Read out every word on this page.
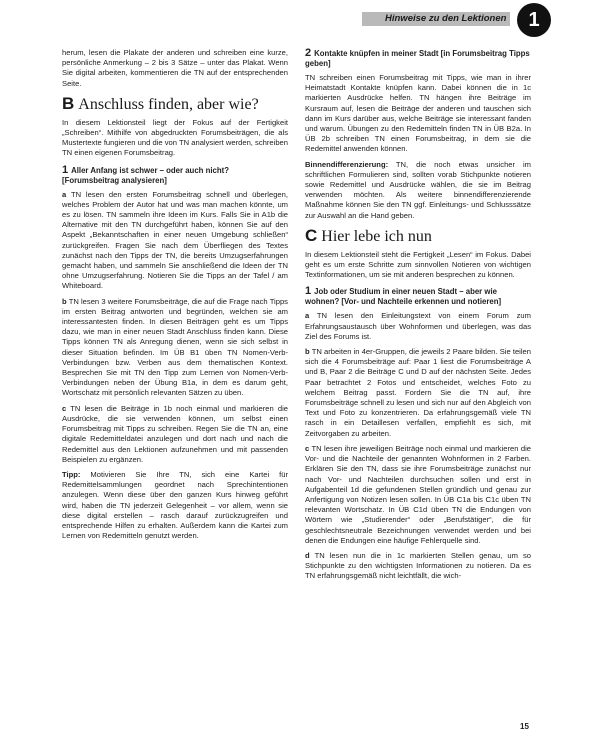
Hinweise zu den Lektionen	1

herum, lesen die Plakate der anderen und schreiben eine kurze, persönliche Anmerkung – 2 bis 3 Sätze – unter das Plakat. Wenn Sie digital arbeiten, kommentieren die TN auf der entsprechenden Seite.

B Anschluss finden, aber wie?

In diesem Lektionsteil liegt der Fokus auf der Fertigkeit „Schreiben“. Mithilfe von abgedruckten Forumsbeiträgen, die als Mustertexte fungieren und die von TN analysiert werden, schreiben TN einen eigenen Forumsbeitrag.

1 Aller Anfang ist schwer – oder auch nicht? [Forumsbeitrag analysieren]

a TN lesen den ersten Forumsbeitrag schnell und überlegen, welches Problem der Autor hat und was man machen könnte, um es zu lösen. TN sammeln ihre Ideen im Kurs. Falls Sie in A1b die Alternative mit den TN durchgeführt haben, können Sie auf den Aspekt „Bekanntschaften in einer neuen Umgebung schließen“ zurückgreifen. Fragen Sie nach dem Überfliegen des Textes zunächst nach den Tipps der TN, die bereits Umzugserfahrungen gemacht haben, und sammeln Sie anschließend die Ideen der TN ohne Umzugserfahrung. Notieren Sie die Tipps an der Tafel / am Whiteboard.

b TN lesen 3 weitere Forumsbeiträge, die auf die Frage nach Tipps im ersten Beitrag antworten und begründen, welchen sie am interessantesten finden. In diesen Beiträgen geht es um Tipps dazu, wie man in einer neuen Stadt Anschluss finden kann. Diese Tipps können TN als Anregung dienen, wenn sie sich selbst in dieser Situation befinden. Im ÜB B1 üben TN Nomen-Verb-Verbindungen bzw. Verben aus dem thematischen Kontext. Besprechen Sie mit TN den Tipp zum Lernen von Nomen-Verb-Verbindungen neben der Übung B1a, in dem es darum geht, Wortschatz mit persönlich relevanten Sätzen zu üben.

c TN lesen die Beiträge in 1b noch einmal und markieren die Ausdrücke, die sie verwenden können, um selbst einen Forumsbeitrag mit Tipps zu schreiben. Regen Sie die TN an, eine digitale Redemitteldatei anzulegen und dort nach und nach die Redemittel aus den Lektionen aufzunehmen und mit passenden Beispielen zu ergänzen.

Tipp: Motivieren Sie Ihre TN, sich eine Kartei für Redemittelsammlungen geordnet nach Sprechintentionen anzulegen. Wenn diese über den ganzen Kurs hinweg geführt wird, haben die TN jederzeit Gelegenheit – vor allem, wenn sie diese digital erstellen – rasch darauf zurückzugreifen und entsprechende Hilfen zu erhalten. Außerdem kann die Kartei zum Lernen von Redemitteln genutzt werden.

2 Kontakte knüpfen in meiner Stadt [in Forumsbeitrag Tipps geben]

TN schreiben einen Forumsbeitrag mit Tipps, wie man in ihrer Heimatstadt Kontakte knüpfen kann. Dabei können die in 1c markierten Ausdrücke helfen. TN hängen ihre Beiträge im Kursraum auf, lesen die Beiträge der anderen und tauschen sich dann im Kurs darüber aus, welche Beiträge sie interessant fanden und warum. Übungen zu den Redemitteln finden TN in ÜB B2a. In ÜB 2b schreiben TN einen Forumsbeitrag, in dem sie die Redemittel anwenden können.

Binnendifferenzierung: TN, die noch etwas unsicher im schriftlichen Formulieren sind, sollten vorab Stichpunkte notieren sowie Redemittel und Ausdrücke wählen, die sie im Beitrag verwenden möchten. Als weitere binnendifferenzierende Maßnahme können Sie den TN ggf. Einleitungs- und Schlusssätze zur Auswahl an die Hand geben.

C Hier lebe ich nun

In diesem Lektionsteil steht die Fertigkeit „Lesen“ im Fokus. Dabei geht es um erste Schritte zum sinnvollen Notieren von wichtigen Textinformationen, um sie mit anderen besprechen zu können.

1 Job oder Studium in einer neuen Stadt – aber wie wohnen? [Vor- und Nachteile erkennen und notieren]

a TN lesen den Einleitungstext von einem Forum zum Erfahrungsaustausch über Wohnformen und überlegen, was das Ziel des Forums ist.

b TN arbeiten in 4er-Gruppen, die jeweils 2 Paare bilden. Sie teilen sich die 4 Forumsbeiträge auf: Paar 1 liest die Forumsbeiträge A und B, Paar 2 die Beiträge C und D auf der nächsten Seite. Jedes Paar betrachtet 2 Fotos und entscheidet, welches Foto zu welchem Beitrag passt. Fordern Sie die TN auf, ihre Forumsbeiträge schnell zu lesen und sich nur auf den Abgleich von Text und Foto zu konzentrieren. Da erfahrungsgemäß viele TN rasch in ein Detaillesen verfallen, empfiehlt es sich, mit Zeitvorgaben zu arbeiten.

c TN lesen ihre jeweiligen Beiträge noch einmal und markieren die Vor- und die Nachteile der genannten Wohnformen in 2 Farben. Erklären Sie den TN, dass sie ihre Forumsbeiträge zunächst nur nach Vor- und Nachteilen durchsuchen sollen und erst in Aufgabenteil 1d die gefundenen Stellen gründlich und genau zur Anfertigung von Notizen lesen sollen. In ÜB C1a bis C1c üben TN relevanten Wortschatz. In ÜB C1d üben TN die Endungen von Wörtern wie „Studierender“ oder „Berufstätiger“, die für geschlechtsneutrale Bezeichnungen verwendet werden und bei denen die Endungen eine häufige Fehlerquelle sind.

d TN lesen nun die in 1c markierten Stellen genau, um so Stichpunkte zu den wichtigsten Informationen zu notieren. Da es TN erfahrungsgemäß nicht leichtfällt, die wich-

15
